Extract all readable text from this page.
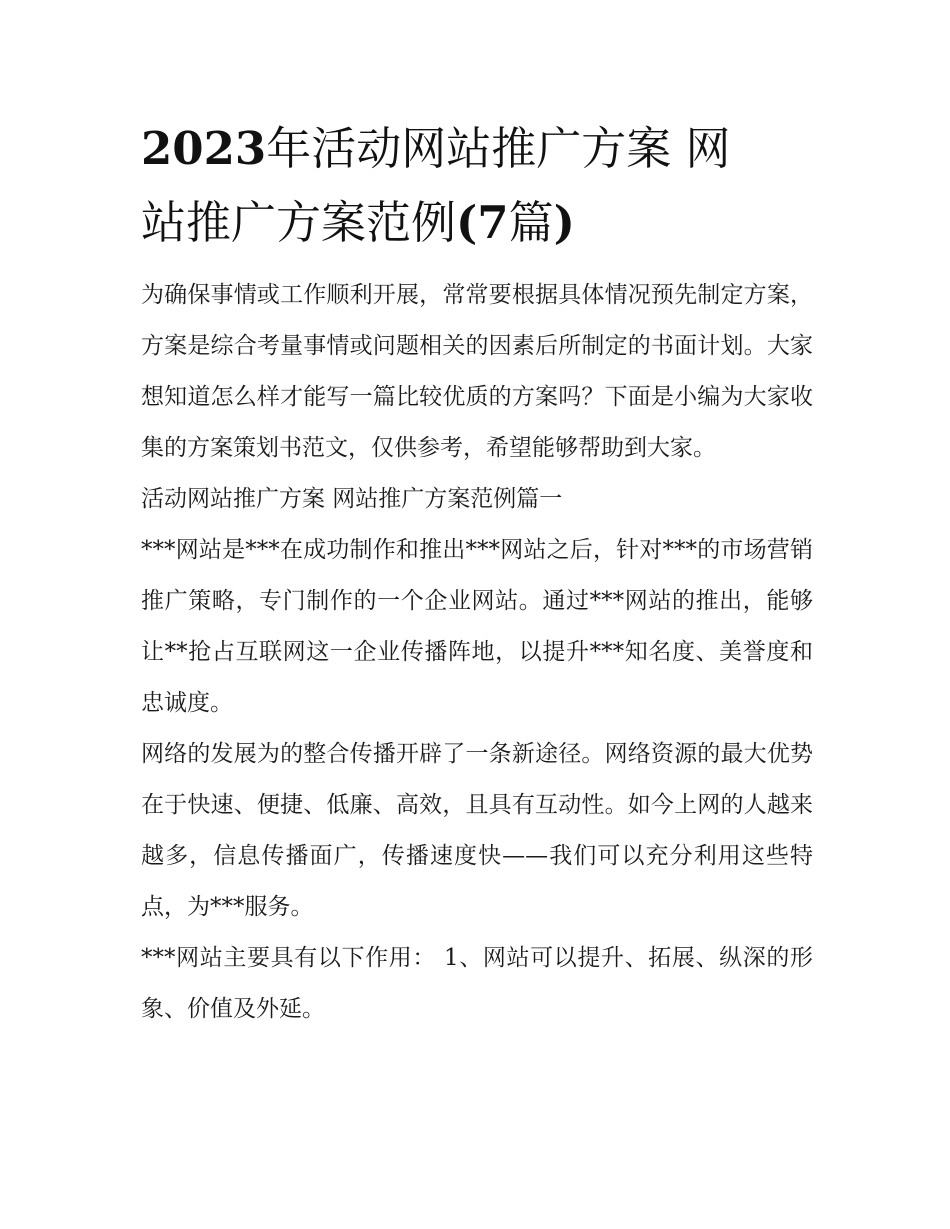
2023年活动网站推广方案 网
站推广方案范例(7篇)

为确保事情或工作顺利开展，常常要根据具体情况预先制定方案，方案是综合考量事情或问题相关的因素后所制定的书面计划。大家想知道怎么样才能写一篇比较优质的方案吗？下面是小编为大家收集的方案策划书范文，仅供参考，希望能够帮助到大家。

活动网站推广方案 网站推广方案范例篇一

***网站是***在成功制作和推出***网站之后，针对***的市场营销推广策略，专门制作的一个企业网站。通过***网站的推出，能够让**抢占互联网这一企业传播阵地，以提升***知名度、美誉度和忠诚度。

网络的发展为的整合传播开辟了一条新途径。网络资源的最大优势在于快速、便捷、低廉、高效，且具有互动性。如今上网的人越来越多，信息传播面广，传播速度快——我们可以充分利用这些特点，为***服务。

***网站主要具有以下作用： 1、网站可以提升、拓展、纵深的形象、价值及外延。
